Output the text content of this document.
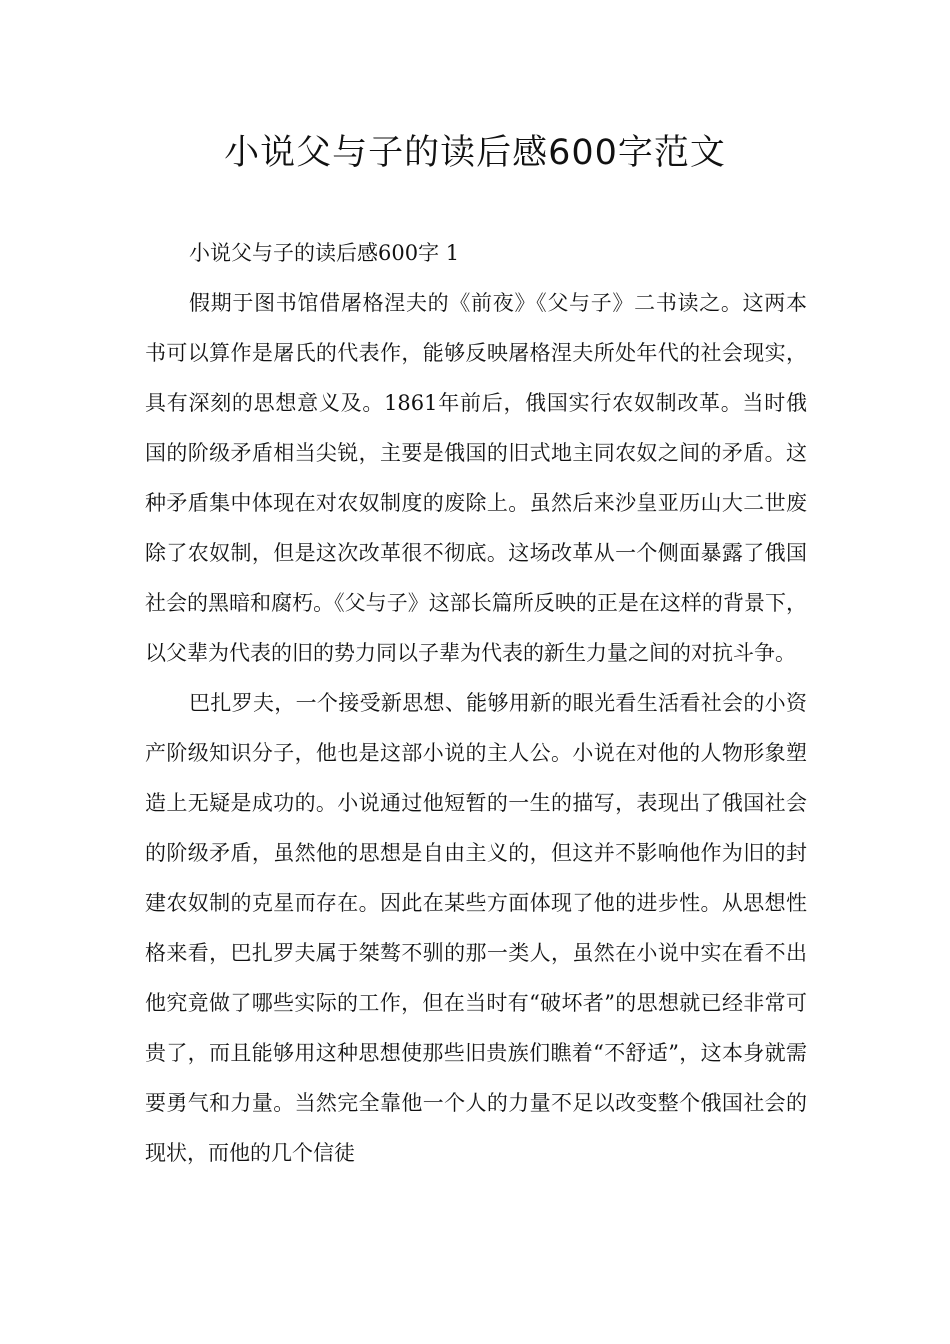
小说父与子的读后感600字范文

小说父与子的读后感600字 1

假期于图书馆借屠格涅夫的《前夜》《父与子》二书读之。这两本书可以算作是屠氏的代表作，能够反映屠格涅夫所处年代的社会现实，具有深刻的思想意义及。1861年前后，俄国实行农奴制改革。当时俄国的阶级矛盾相当尖锐，主要是俄国的旧式地主同农奴之间的矛盾。这种矛盾集中体现在对农奴制度的废除上。虽然后来沙皇亚历山大二世废除了农奴制，但是这次改革很不彻底。这场改革从一个侧面暴露了俄国社会的黑暗和腐朽。《父与子》这部长篇所反映的正是在这样的背景下，以父辈为代表的旧的势力同以子辈为代表的新生力量之间的对抗斗争。

巴扎罗夫，一个接受新思想、能够用新的眼光看生活看社会的小资产阶级知识分子，他也是这部小说的主人公。小说在对他的人物形象塑造上无疑是成功的。小说通过他短暂的一生的描写，表现出了俄国社会的阶级矛盾，虽然他的思想是自由主义的，但这并不影响他作为旧的封建农奴制的克星而存在。因此在某些方面体现了他的进步性。从思想性格来看，巴扎罗夫属于桀骜不驯的那一类人，虽然在小说中实在看不出他究竟做了哪些实际的工作，但在当时有“破坏者”的思想就已经非常可贵了，而且能够用这种思想使那些旧贵族们瞧着“不舒适”，这本身就需要勇气和力量。当然完全靠他一个人的力量不足以改变整个俄国社会的现状，而他的几个信徒
